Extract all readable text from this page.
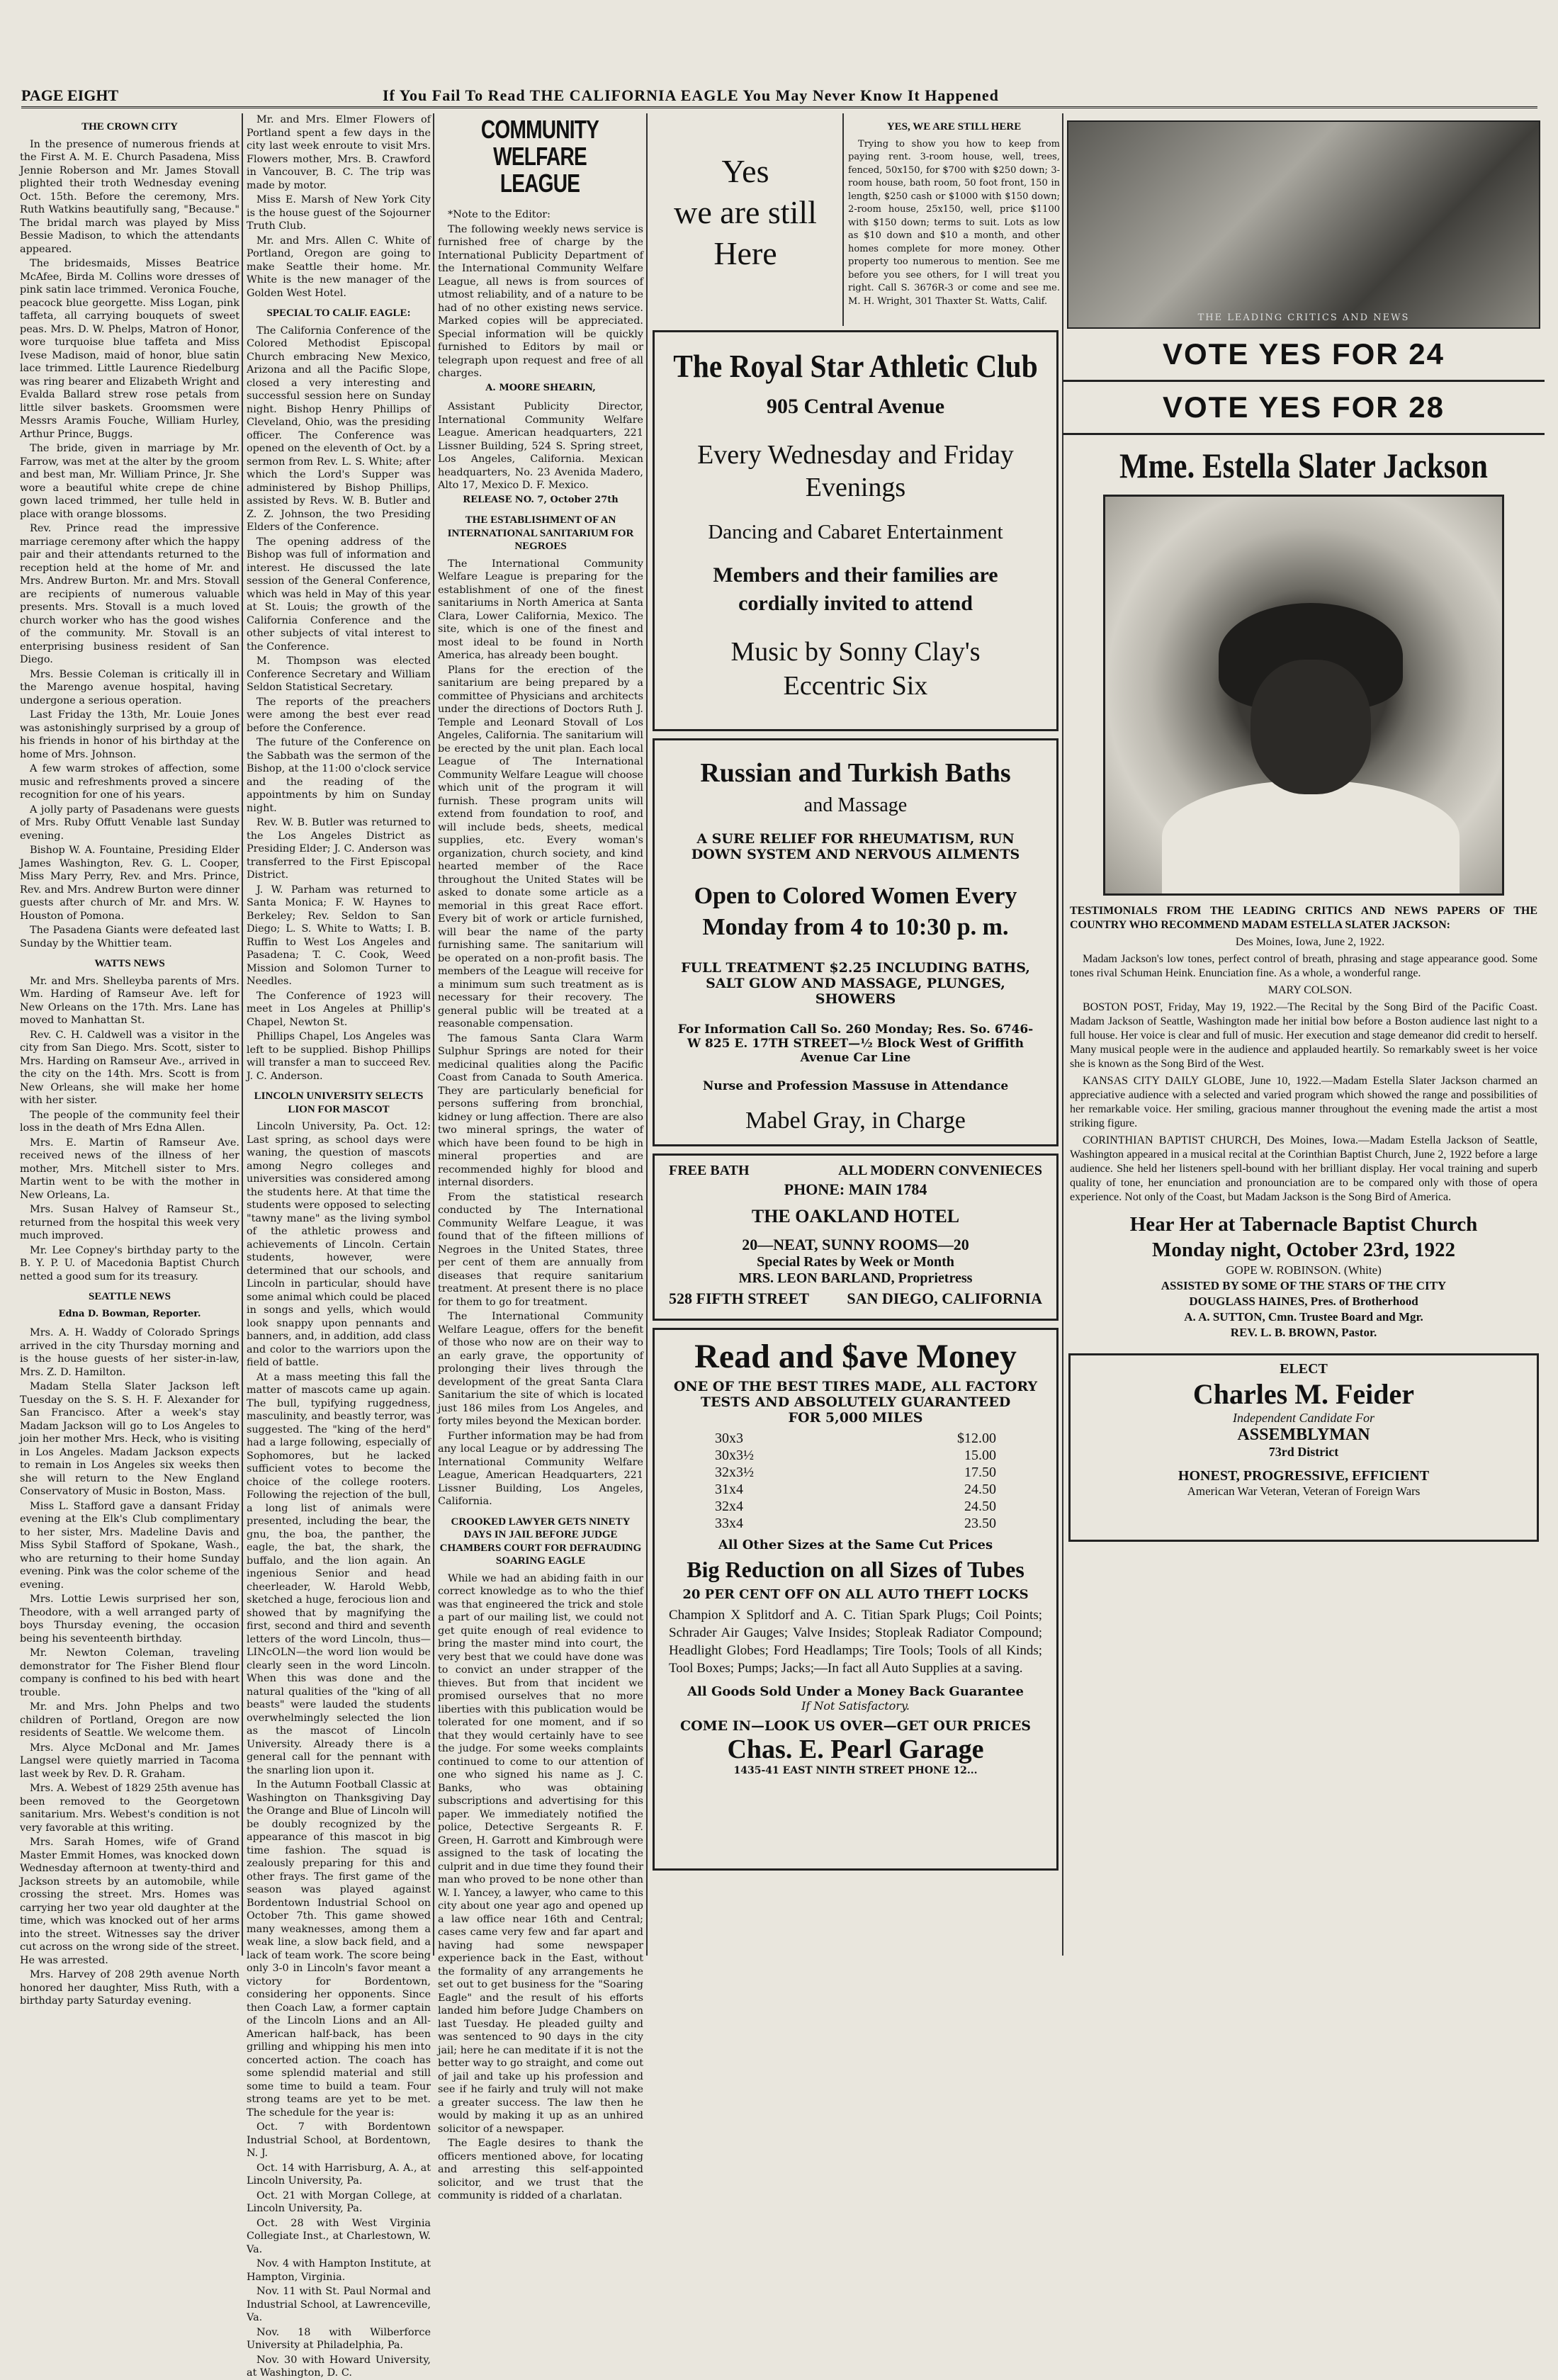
PAGE EIGHT	If You Fail To Read THE CALIFORNIA EAGLE You May Never Know It Happened
THE CROWN CITY

In the presence of numerous friends at the First A. M. E. Church Pasadena, Miss Jennie Roberson and Mr. James Stovall plighted their troth Wednesday evening Oct. 15th. Before the ceremony, Mrs. Ruth Watkins beautifully sang, "Because." The bridal march was played by Miss Bessie Madison, to which the attendants appeared.

The bridesmaids, Misses Beatrice McAfee, Birda M. Collins wore dresses of pink satin lace trimmed. Veronica Fouche, peacock blue georgette. Miss Logan, pink taffeta, all carrying bouquets of sweet peas. Mrs. D. W. Phelps, Matron of Honor, wore turquoise blue taffeta and Miss Ivese Madison, maid of honor, blue satin lace trimmed. Little Laurence Riedelburg was ring bearer and Elizabeth Wright and Evalda Ballard strew rose petals from little silver baskets. Groomsmen were Messrs Aramis Fouche, William Hurley, Arthur Prince, Buggs.

The bride, given in marriage by Mr. Farrow, was met at the alter by the groom and best man, Mr. William Prince, Jr. She wore a beautiful white crepe de chine gown laced trimmed, her tulle held in place with orange blossoms.

Rev. Prince read the impressive marriage ceremony after which the happy pair and their attendants returned to the reception held at the home of Mr. and Mrs. Andrew Burton. Mr. and Mrs. Stovall are recipients of numerous valuable presents. Mrs. Stovall is a much loved church worker who has the good wishes of the community. Mr. Stovall is an enterprising business resident of San Diego.

Mrs. Bessie Coleman is critically ill in the Marengo avenue hospital, having undergone a serious operation.

Last Friday the 13th, Mr. Louie Jones was astonishingly surprised by a group of his friends in honor of his birthday at the home of Mrs. Johnson.

A few warm strokes of affection, some music and refreshments proved a sincere recognition for one of his years.

A jolly party of Pasadenans were guests of Mrs. Ruby Offutt Venable last Sunday evening.

Bishop W. A. Fountaine, Presiding Elder James Washington, Rev. G. L. Cooper, Miss Mary Perry, Rev. and Mrs. Prince, Rev. and Mrs. Andrew Burton were dinner guests after church of Mr. and Mrs. W. Houston of Pomona.

The Pasadena Giants were defeated last Sunday by the Whittier team.

WATTS NEWS

Mr. and Mrs. Shelleyba parents of Mrs. Wm. Harding of Ramseur Ave. left for New Orleans on the 17th. Mrs. Lane has moved to Manhattan St.

Rev. C. H. Caldwell was a visitor in the city from San Diego. Mrs. Scott, sister to Mrs. Harding on Ramseur Ave., arrived in the city on the 14th. Mrs. Scott is from New Orleans, she will make her home with her sister.

The people of the community feel their loss in the death of Mrs Edna Allen.

Mrs. E. Martin of Ramseur Ave. received news of the illness of her mother, Mrs. Mitchell sister to Mrs. Martin went to be with the mother in New Orleans, La.

Mrs. Susan Halvey of Ramseur St., returned from the hospital this week very much improved.

Mr. Lee Copney's birthday party to the B. Y. P. U. of Macedonia Baptist Church netted a good sum for its treasury.

SEATTLE NEWS
Edna D. Bowman, Reporter.

Mrs. A. H. Waddy of Colorado Springs arrived in the city Thursday morning and is the house guests of her sister-in-law, Mrs. Z. D. Hamilton.

Madam Stella Slater Jackson left Tuesday on the S. S. H. F. Alexander for San Francisco. After a week's stay Madam Jackson will go to Los Angeles to join her mother Mrs. Heck, who is visiting in Los Angeles. Madam Jackson expects to remain in Los Angeles six weeks then she will return to the New England Conservatory of Music in Boston, Mass.

Miss L. Stafford gave a dansant Friday evening at the Elk's Club complimentary to her sister, Mrs. Madeline Davis and Miss Sybil Stafford of Spokane, Wash., who are returning to their home Sunday evening. Pink was the color scheme of the evening.

Mrs. Lottie Lewis surprised her son, Theodore, with a well arranged party of boys Thursday evening, the occasion being his seventeenth birthday.

Mr. Newton Coleman, traveling demonstrator for The Fisher Blend flour company is confined to his bed with heart trouble.

Mr. and Mrs. John Phelps and two children of Portland, Oregon are now residents of Seattle. We welcome them.

Mrs. Alyce McDonal and Mr. James Langsel were quietly married in Tacoma last week by Rev. D. R. Graham.

Mrs. A. Webest of 1829 25th avenue has been removed to the Georgetown sanitarium. Mrs. Webest's condition is not very favorable at this writing.

Mrs. Sarah Homes, wife of Grand Master Emmit Homes, was knocked down Wednesday afternoon at twenty-third and Jackson streets by an automobile, while crossing the street. Mrs. Homes was carrying her two year old daughter at the time, which was knocked out of her arms into the street. Witnesses say the driver cut across on the wrong side of the street. He was arrested.

Mrs. Harvey of 208 29th avenue North honored her daughter, Miss Ruth, with a birthday party Saturday evening.

Mr. and Mrs. Elmer Flowers of Portland spent a few days in the city last week enroute to visit Mrs. Flowers mother, Mrs. B. Crawford in Vancouver, B. C. The trip was made by motor.

Miss E. Marsh of New York City is the house guest of the Sojourner Truth Club.

Mr. and Mrs. Allen C. White of Portland, Oregon are going to make Seattle their home. Mr. White is the new manager of the Golden West Hotel.

SPECIAL TO CALIF. EAGLE:

The California Conference of the Colored Methodist Episcopal Church embracing New Mexico, Arizona and all the Pacific Slope, closed a very interesting and successful session here on Sunday night. Bishop Henry Phillips of Cleveland, Ohio, was the presiding officer. The Conference was opened on the eleventh of Oct. by a sermon from Rev. L. S. White; after which the Lord's Supper was administered by Bishop Phillips, assisted by Revs. W. B. Butler and Z. Z. Johnson, the two Presiding Elders of the Conference.

The opening address of the Bishop was full of information and interest. He discussed the late session of the General Conference, which was held in May of this year at St. Louis; the growth of the California Conference and the other subjects of vital interest to the Conference.

M. Thompson was elected Conference Secretary and William Seldon Statistical Secretary.

The reports of the preachers were among the best ever read before the Conference.

The future of the Conference on the Sabbath was the sermon of the Bishop, at the 11:00 o'clock service and the reading of the appointments by him on Sunday night.

Rev. W. B. Butler was returned to the Los Angeles District as Presiding Elder; J. C. Anderson was transferred to the First Episcopal District.

J. W. Parham was returned to Santa Monica; F. W. Haynes to Berkeley; Rev. Seldon to San Diego; L. S. White to Watts; I. B. Ruffin to West Los Angeles and Pasadena; T. C. Cook, Weed Mission and Solomon Turner to Needles.

The Conference of 1923 will meet in Los Angeles at Phillip's Chapel, Newton St.

Phillips Chapel, Los Angeles was left to be supplied. Bishop Phillips will transfer a man to succeed Rev. J. C. Anderson.

LINCOLN UNIVERSITY SELECTS LION FOR MASCOT

Lincoln University, Pa. Oct. 12: Last spring, as school days were waning, the question of mascots among Negro colleges and universities was considered among the students here. At that time the students were opposed to selecting "tawny mane" as the living symbol of the athletic prowess and achievements of Lincoln. Certain students, however, were determined that our schools, and Lincoln in particular, should have some animal which could be placed in songs and yells, which would look snappy upon pennants and banners, and, in addition, add class and color to the warriors upon the field of battle.

At a mass meeting this fall the matter of mascots came up again. The bull, typifying ruggedness, masculinity, and beastly terror, was suggested. The "king of the herd" had a large following, especially of Sophomores, but he lacked sufficient votes to become the choice of the college rooters. Following the rejection of the bull, a long list of animals were presented, including the bear, the gnu, the boa, the panther, the eagle, the bat, the shark, the buffalo, and the lion again. An ingenious Senior and head cheerleader, W. Harold Webb, sketched a huge, ferocious lion and showed that by magnifying the first, second and third and seventh letters of the word Lincoln, thus—LINcOLN—the word lion would be clearly seen in the word Lincoln. When this was done and the natural qualities of the "king of all beasts" were lauded the students overwhelmingly selected the lion as the mascot of Lincoln University. Already there is a general call for the pennant with the snarling lion upon it.

In the Autumn Football Classic at Washington on Thanksgiving Day the Orange and Blue of Lincoln will be doubly recognized by the appearance of this mascot in big time fashion. The squad is zealously preparing for this and other frays. The first game of the season was played against Bordentown Industrial School on October 7th. This game showed many weaknesses, among them a weak line, a slow back field, and a lack of team work. The score being only 3-0 in Lincoln's favor meant a victory for Bordentown, considering her opponents. Since then Coach Law, a former captain of the Lincoln Lions and an All-American half-back, has been grilling and whipping his men into concerted action. The coach has some splendid material and still some time to build a team. Four strong teams are yet to be met. The schedule for the year is:

Oct. 7 with Bordentown Industrial School, at Bordentown, N. J.

Oct. 14 with Harrisburg, A. A., at Lincoln University, Pa.

Oct. 21 with Morgan College, at Lincoln University, Pa.

Oct. 28 with West Virginia Collegiate Inst., at Charlestown, W. Va.

Nov. 4 with Hampton Institute, at Hampton, Virginia.

Nov. 11 with St. Paul Normal and Industrial School, at Lawrenceville, Va.

Nov. 18 with Wilberforce University at Philadelphia, Pa.

Nov. 30 with Howard University, at Washington, D. C.

COMMUNITY WELFARE LEAGUE

*Note to the Editor:

The following weekly news service is furnished free of charge by the International Publicity Department of the International Community Welfare League, all news is from sources of utmost reliability, and of a nature to be had of no other existing news service. Marked copies will be appreciated. Special information will be quickly furnished to Editors by mail or telegraph upon request and free of all charges.

A. MOORE SHEARIN,

Assistant Publicity Director, International Community Welfare League. American headquarters, 221 Lissner Building, 524 S. Spring street, Los Angeles, California. Mexican headquarters, No. 23 Avenida Madero, Alto 17, Mexico D. F. Mexico.

RELEASE NO. 7, October 27th
THE ESTABLISHMENT OF AN INTERNATIONAL SANITARIUM FOR NEGROES

The International Community Welfare League is preparing for the establishment of one of the finest sanitariums in North America at Santa Clara, Lower California, Mexico. The site, which is one of the finest and most ideal to be found in North America, has already been bought.

Plans for the erection of the sanitarium are being prepared by a committee of Physicians and architects under the directions of Doctors Ruth J. Temple and Leonard Stovall of Los Angeles, California. The sanitarium will be erected by the unit plan. Each local League of The International Community Welfare League will choose which unit of the program it will furnish. These program units will extend from foundation to roof, and will include beds, sheets, medical supplies, etc. Every woman's organization, church society, and kind hearted member of the Race throughout the United States will be asked to donate some article as a memorial in this great Race effort. Every bit of work or article furnished, will bear the name of the party furnishing same. The sanitarium will be operated on a non-profit basis. The members of the League will receive for a minimum sum such treatment as is necessary for their recovery. The general public will be treated at a reasonable compensation.

The famous Santa Clara Warm Sulphur Springs are noted for their medicinal qualities along the Pacific Coast from Canada to South America. They are particularly beneficial for persons suffering from bronchial, kidney or lung affection. There are also two mineral springs, the water of which have been found to be high in mineral properties and are recommended highly for blood and internal disorders.

From the statistical research conducted by The International Community Welfare League, it was found that of the fifteen millions of Negroes in the United States, three per cent of them are annually from diseases that require sanitarium treatment. At present there is no place for them to go for treatment.

The International Community Welfare League, offers for the benefit of those who now are on their way to an early grave, the opportunity of prolonging their lives through the development of the great Santa Clara Sanitarium the site of which is located just 186 miles from Los Angeles, and forty miles beyond the Mexican border.

Further information may be had from any local League or by addressing The International Community Welfare League, American Headquarters, 221 Lissner Building, Los Angeles, California.

CROOKED LAWYER GETS NINETY DAYS IN JAIL BEFORE JUDGE CHAMBERS COURT FOR DEFRAUDING SOARING EAGLE

While we had an abiding faith in our correct knowledge as to who the thief was that engineered the trick and stole a part of our mailing list, we could not get quite enough of real evidence to bring the master mind into court, the very best that we could have done was to convict an under strapper of the thieves. But from that incident we promised ourselves that no more liberties with this publication would be tolerated for one moment, and if so that they would certainly have to see the judge. For some weeks complaints continued to come to our attention of one who signed his name as J. C. Banks, who was obtaining subscriptions and advertising for this paper. We immediately notified the police, Detective Sergeants R. F. Green, H. Garrott and Kimbrough were assigned to the task of locating the culprit and in due time they found their man who proved to be none other than W. I. Yancey, a lawyer, who came to this city about one year ago and opened up a law office near 16th and Central; cases came very few and far apart and having had some newspaper experience back in the East, without the formality of any arrangements he set out to get business for the "Soaring Eagle" and the result of his efforts landed him before Judge Chambers on last Tuesday. He pleaded guilty and was sentenced to 90 days in the city jail; here he can meditate if it is not the better way to go straight, and come out of jail and take up his profession and see if he fairly and truly will not make a greater success. The law then he would by making it up as an unhired solicitor of a newspaper.

The Eagle desires to thank the officers mentioned above, for locating and arresting this self-appointed solicitor, and we trust that the community is ridded of a charlatan.

Yes
we are still
Here
YES, WE ARE STILL HERE

Trying to show you how to keep from paying rent. 3-room house, well, trees, fenced, 50x150, for $700 with $250 down; 3-room house, bath room, 50 foot front, 150 in length, $250 cash or $1000 with $150 down; 2-room house, 25x150, well, price $1100 with $150 down; terms to suit. Lots as low as $10 down and $10 a month, and other homes complete for more money. Other property too numerous to mention. See me before you see others, for I will treat you right. Call S. 3676R-3 or come and see me. M. H. Wright, 301 Thaxter St. Watts, Calif.

The Royal Star Athletic Club
905 Central Avenue
Every Wednesday and Friday Evenings
Dancing and Cabaret Entertainment
Members and their families are cordially invited to attend
Music by Sonny Clay's Eccentric Six
Russian and Turkish Baths
and Massage
A SURE RELIEF FOR RHEUMATISM, RUN DOWN SYSTEM AND NERVOUS AILMENTS
Open to Colored Women Every Monday from 4 to 10:30 p. m.
FULL TREATMENT $2.25 INCLUDING BATHS, SALT GLOW AND MASSAGE, PLUNGES, SHOWERS
For Information Call So. 260 Monday; Res. So. 6746-W 825 E. 17TH STREET—½ Block West of Griffith Avenue Car Line
Nurse and Profession Massuse in Attendance
Mabel Gray, in Charge
FREE BATH	ALL MODERN CONVENIECES
PHONE: MAIN 1784
THE OAKLAND HOTEL
20—NEAT, SUNNY ROOMS—20
Special Rates by Week or Month
MRS. LEON BARLAND, Proprietress
528 FIFTH STREET SAN DIEGO, CALIFORNIA
Read and $ave Money
ONE OF THE BEST TIRES MADE, ALL FACTORY
TESTS AND ABSOLUTELY GUARANTEED
FOR 5,000 MILES
30x3	$12.00
30x3½	15.00
32x3½	17.50
31x4	24.50
32x4	24.50
33x4	23.50
All Other Sizes at the Same Cut Prices
Big Reduction on all Sizes of Tubes
20 PER CENT OFF ON ALL AUTO THEFT LOCKS
Champion X Splitdorf and A. C. Titian Spark Plugs; Coil Points; Schrader Air Gauges; Valve Insides; Stopleak Radiator Compound; Headlight Globes; Ford Headlamps; Tire Tools; Tools of all Kinds; Tool Boxes; Pumps; Jacks;—In fact all Auto Supplies at a saving.
All Goods Sold Under a Money Back Guarantee
If Not Satisfactory.
COME IN—LOOK US OVER—GET OUR PRICES
Chas. E. Pearl Garage
1435-41 EAST NINTH STREET PHONE 12...
THE LEADING CRITICS AND NEWS
VOTE YES FOR 24
VOTE YES FOR 28
Mme. Estella Slater Jackson

TESTIMONIALS FROM THE LEADING CRITICS AND NEWS PAPERS OF THE COUNTRY WHO RECOMMEND MADAM ESTELLA SLATER JACKSON:

Des Moines, Iowa, June 2, 1922.

Madam Jackson's low tones, perfect control of breath, phrasing and stage appearance good. Some tones rival Schuman Heink. Enunciation fine. As a whole, a wonderful range.

MARY COLSON.

BOSTON POST, Friday, May 19, 1922.—The Recital by the Song Bird of the Pacific Coast. Madam Jackson of Seattle, Washington made her initial bow before a Boston audience last night to a full house. Her voice is clear and full of music. Her execution and stage demeanor did credit to herself. Many musical people were in the audience and applauded heartily. So remarkably sweet is her voice she is known as the Song Bird of the West.

KANSAS CITY DAILY GLOBE, June 10, 1922.—Madam Estella Slater Jackson charmed an appreciative audience with a selected and varied program which showed the range and possibilities of her remarkable voice. Her smiling, gracious manner throughout the evening made the artist a most striking figure.

CORINTHIAN BAPTIST CHURCH, Des Moines, Iowa.—Madam Estella Jackson of Seattle, Washington appeared in a musical recital at the Corinthian Baptist Church, June 2, 1922 before a large audience. She held her listeners spell-bound with her brilliant display. Her vocal training and superb quality of tone, her enunciation and pronounciation are to be compared only with those of opera experience. Not only of the Coast, but Madam Jackson is the Song Bird of America.

Hear Her at Tabernacle Baptist Church
Monday night, October 23rd, 1922
GOPE W. ROBINSON. (White)
ASSISTED BY SOME OF THE STARS OF THE CITY
DOUGLASS HAINES, Pres. of Brotherhood
A. A. SUTTON, Cmn. Trustee Board and Mgr.
REV. L. B. BROWN, Pastor.
ELECT
Charles M. Feider
Independent Candidate For
ASSEMBLYMAN
73rd District
HONEST, PROGRESSIVE, EFFICIENT
American War Veteran, Veteran of Foreign Wars
